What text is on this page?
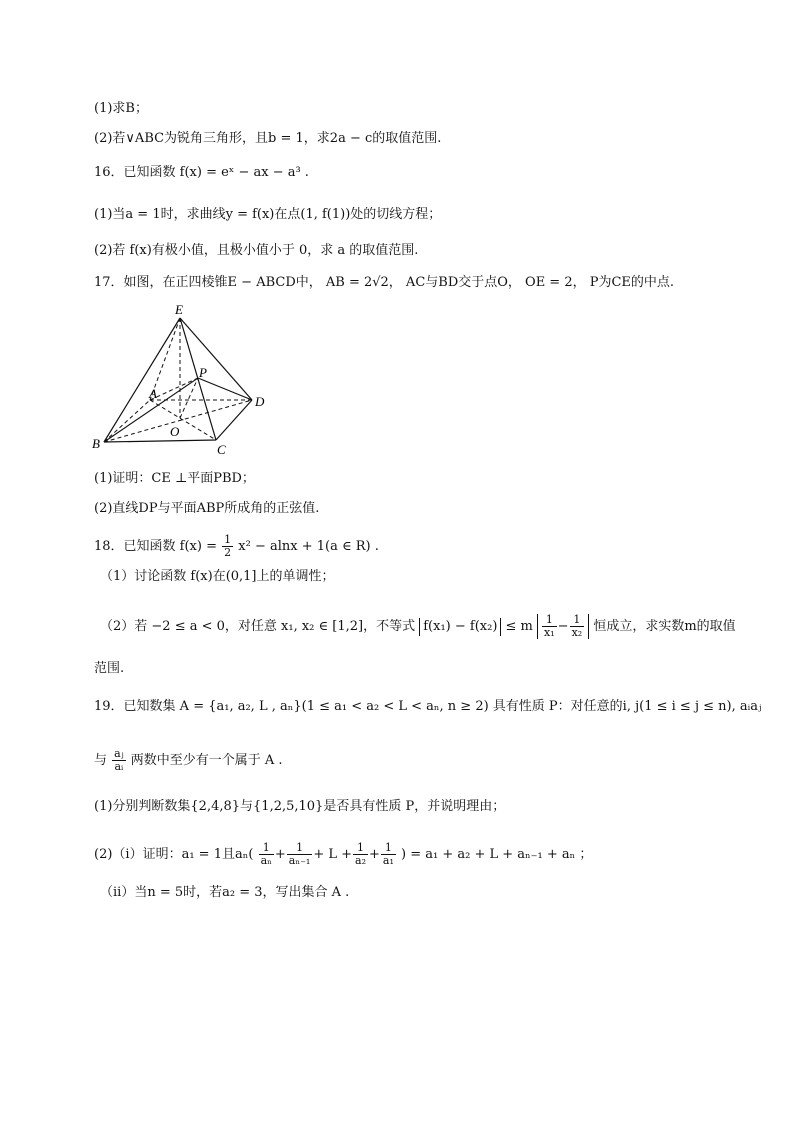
(1)求B；
(2)若∨ABC为锐角三角形，且b = 1，求2a − c的取值范围.
16．已知函数 f(x) = eˣ − ax − a³ .
(1)当a = 1时，求曲线y = f(x)在点(1, f(1))处的切线方程；
(2)若 f(x)有极小值，且极小值小于 0，求 a 的取值范围.
17．如图，在正四棱锥E − ABCD中， AB = 2√2， AC与BD交于点O， OE = 2， P为CE的中点.
E
P
A
D
O
B	C
(1)证明：CE ⊥平面PBD；
(2)直线DP与平面ABP所成角的正弦值.
18．已知函数 $f(x) = \frac{1}{2} x^2 - alnx + 1(a$ ∈ R) .
（1）讨论函数 f(x)在(0,1]上的单调性；
（2）若 −2 ≤ a < 0，对任意 x₁, x₂ ∈ [1,2]，不等式 f(x₁) − f(x₂) ≤ m $\frac{1}{\text{x₁}} - \frac{1}{\text{x₂}}$ 恒成立，求实数m的取值
范围.
19．已知数集 A = {a₁, a₂, L , aₙ}(1 ≤ a₁ < a₂ < L < aₙ, n ≥ 2) 具有性质 P：对任意的i, j(1 ≤ i ≤ j ≤ n), aᵢaⱼ
与 $\frac{\text{aⱼ}}{\text{aᵢ}}$ 两数中至少有一个属于 A .
(1)分别判断数集{2,4,8}与{1,2,5,10}是否具有性质 P，并说明理由；
(2)（i）证明：a₁ = 1且$a_n( \frac{1}{\text{aₙ}} + \frac{1}{\text{aₙ₋₁}} + L + \frac{1}{\text{a₂}} + \frac{1}{\text{a₁}}$ ) = a₁ + a₂ + L + aₙ₋₁ + aₙ ；
（ii）当n = 5时，若a₂ = 3，写出集合 A .
